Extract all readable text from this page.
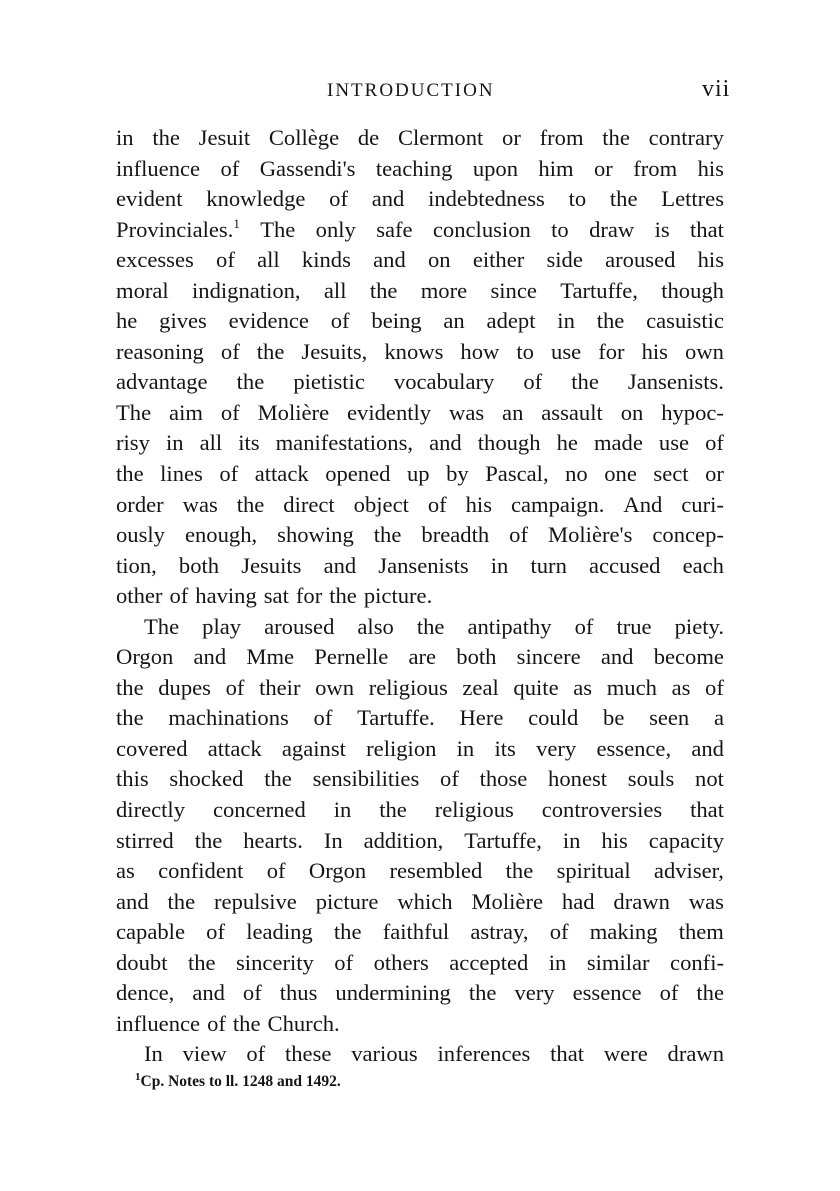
INTRODUCTION	vii
in the Jesuit Collège de Clermont or from the contrary
influence of Gassendi's teaching upon him or from his
evident knowledge of and indebtedness to the Lettres
Provinciales.$^1$ The only safe conclusion to draw is that
excesses of all kinds and on either side aroused his
moral indignation, all the more since Tartuffe, though
he gives evidence of being an adept in the casuistic
reasoning of the Jesuits, knows how to use for his own
advantage the pietistic vocabulary of the Jansenists.
The aim of Molière evidently was an assault on hypoc-
risy in all its manifestations, and though he made use of
the lines of attack opened up by Pascal, no one sect or
order was the direct object of his campaign. And curi-
ously enough, showing the breadth of Molière's concep-
tion, both Jesuits and Jansenists in turn accused each
other of having sat for the picture.
The play aroused also the antipathy of true piety.
Orgon and Mme Pernelle are both sincere and become
the dupes of their own religious zeal quite as much as of
the machinations of Tartuffe. Here could be seen a
covered attack against religion in its very essence, and
this shocked the sensibilities of those honest souls not
directly concerned in the religious controversies that
stirred the hearts. In addition, Tartuffe, in his capacity
as confident of Orgon resembled the spiritual adviser,
and the repulsive picture which Molière had drawn was
capable of leading the faithful astray, of making them
doubt the sincerity of others accepted in similar confi-
dence, and of thus undermining the very essence of the
influence of the Church.
In view of these various inferences that were drawn
$^1$Cp. Notes to ll. 1248 and 1492.
